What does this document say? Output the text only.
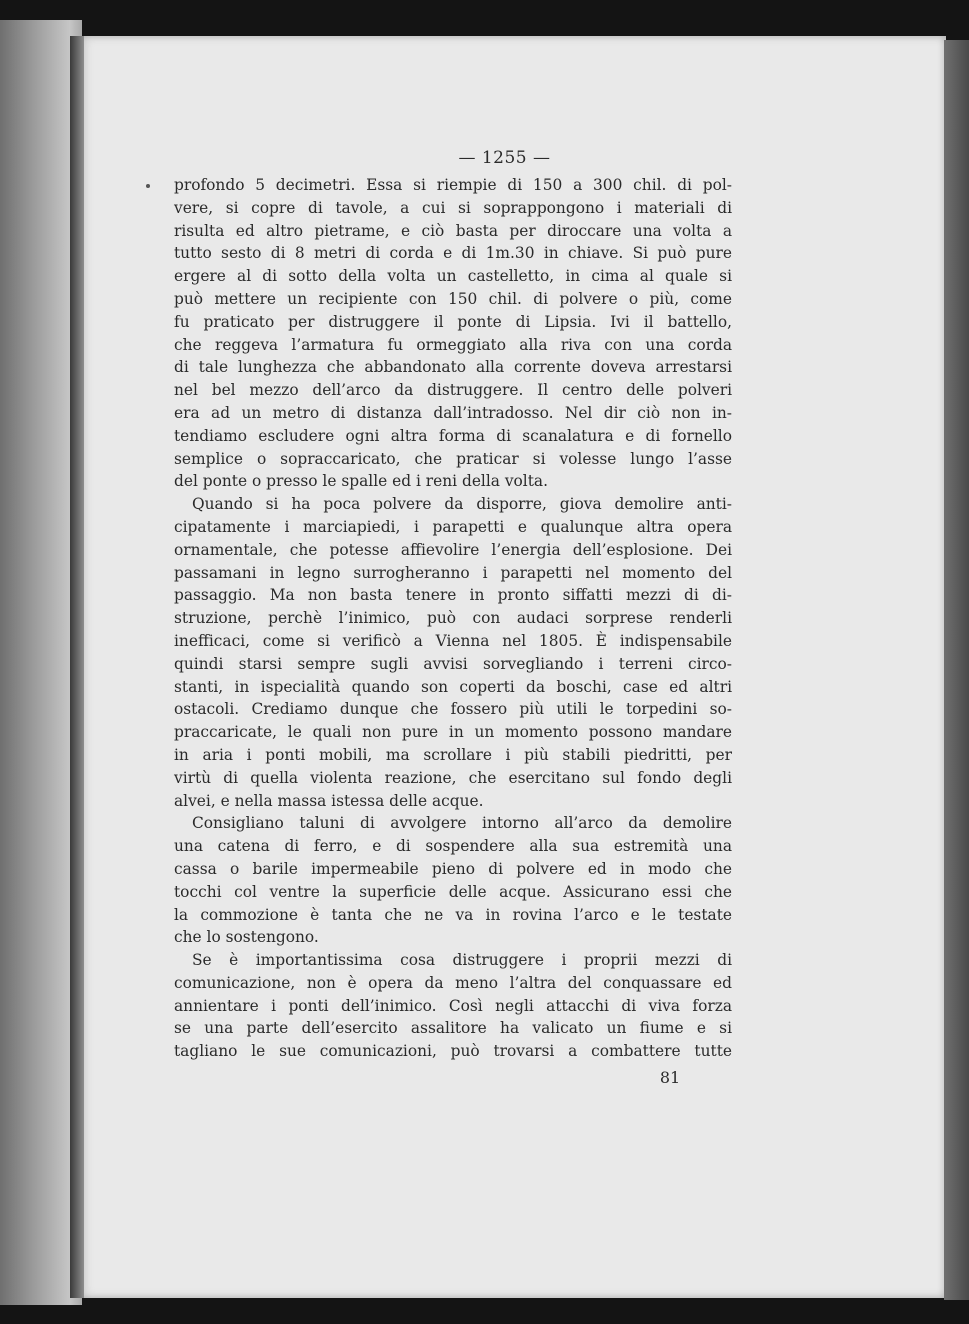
— 1255 —
profondo 5 decimetri. Essa si riempie di 150 a 300 chil. di pol-
vere, si copre di tavole, a cui si soprappongono i materiali di
risulta ed altro pietrame, e ciò basta per diroccare una volta a
tutto sesto di 8 metri di corda e di 1m.30 in chiave. Si può pure
ergere al di sotto della volta un castelletto, in cima al quale si
può mettere un recipiente con 150 chil. di polvere o più, come
fu praticato per distruggere il ponte di Lipsia. Ivi il battello,
che reggeva l’armatura fu ormeggiato alla riva con una corda
di tale lunghezza che abbandonato alla corrente doveva arrestarsi
nel bel mezzo dell’arco da distruggere. Il centro delle polveri
era ad un metro di distanza dall’intradosso. Nel dir ciò non in-
tendiamo escludere ogni altra forma di scanalatura e di fornello
semplice o sopraccaricato, che praticar si volesse lungo l’asse
del ponte o presso le spalle ed i reni della volta.
Quando si ha poca polvere da disporre, giova demolire anti-
cipatamente i marciapiedi, i parapetti e qualunque altra opera
ornamentale, che potesse affievolire l’energia dell’esplosione. Dei
passamani in legno surrogheranno i parapetti nel momento del
passaggio. Ma non basta tenere in pronto siffatti mezzi di di-
struzione, perchè l’inimico, può con audaci sorprese renderli
inefficaci, come si verificò a Vienna nel 1805. È indispensabile
quindi starsi sempre sugli avvisi sorvegliando i terreni circo-
stanti, in ispecialità quando son coperti da boschi, case ed altri
ostacoli. Crediamo dunque che fossero più utili le torpedini so-
praccaricate, le quali non pure in un momento possono mandare
in aria i ponti mobili, ma scrollare i più stabili piedritti, per
virtù di quella violenta reazione, che esercitano sul fondo degli
alvei, e nella massa istessa delle acque.
Consigliano taluni di avvolgere intorno all’arco da demolire
una catena di ferro, e di sospendere alla sua estremità una
cassa o barile impermeabile pieno di polvere ed in modo che
tocchi col ventre la superficie delle acque. Assicurano essi che
la commozione è tanta che ne va in rovina l’arco e le testate
che lo sostengono.
Se è importantissima cosa distruggere i proprii mezzi di
comunicazione, non è opera da meno l’altra del conquassare ed
annientare i ponti dell’inimico. Così negli attacchi di viva forza
se una parte dell’esercito assalitore ha valicato un fiume e si
tagliano le sue comunicazioni, può trovarsi a combattere tutte
81
